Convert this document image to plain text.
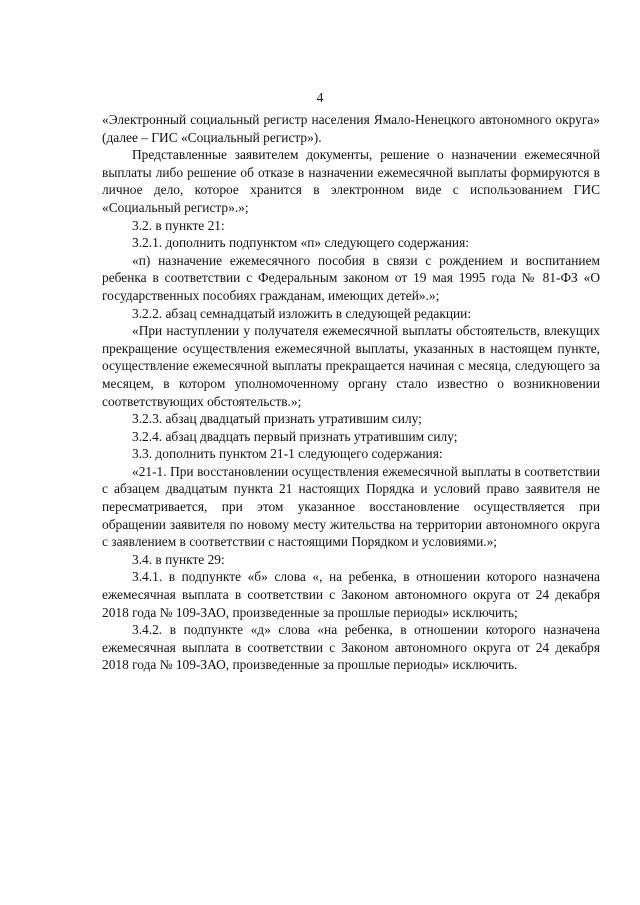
4

«Электронный социальный регистр населения Ямало-Ненецкого автономного округа» (далее – ГИС «Социальный регистр»).

Представленные заявителем документы, решение о назначении ежемесячной выплаты либо решение об отказе в назначении ежемесячной выплаты формируются в личное дело, которое хранится в электронном виде с использованием ГИС «Социальный регистр».»;

3.2. в пункте 21:

3.2.1. дополнить подпунктом «п» следующего содержания:

«п) назначение ежемесячного пособия в связи с рождением и воспитанием ребенка в соответствии с Федеральным законом от 19 мая 1995 года № 81-ФЗ «О государственных пособиях гражданам, имеющих детей».»;

3.2.2. абзац семнадцатый изложить в следующей редакции:

«При наступлении у получателя ежемесячной выплаты обстоятельств, влекущих прекращение осуществления ежемесячной выплаты, указанных в настоящем пункте, осуществление ежемесячной выплаты прекращается начиная с месяца, следующего за месяцем, в котором уполномоченному органу стало известно о возникновении соответствующих обстоятельств.»;

3.2.3. абзац двадцатый признать утратившим силу;

3.2.4. абзац двадцать первый признать утратившим силу;

3.3. дополнить пунктом 21-1 следующего содержания:

«21-1. При восстановлении осуществления ежемесячной выплаты в соответствии с абзацем двадцатым пункта 21 настоящих Порядка и условий право заявителя не пересматривается, при этом указанное восстановление осуществляется при обращении заявителя по новому месту жительства на территории автономного округа с заявлением в соответствии с настоящими Порядком и условиями.»;

3.4. в пункте 29:

3.4.1. в подпункте «б» слова «, на ребенка, в отношении которого назначена ежемесячная выплата в соответствии с Законом автономного округа от 24 декабря 2018 года № 109-ЗАО, произведенные за прошлые периоды» исключить;

3.4.2. в подпункте «д» слова «на ребенка, в отношении которого назначена ежемесячная выплата в соответствии с Законом автономного округа от 24 декабря 2018 года № 109-ЗАО, произведенные за прошлые периоды» исключить.
